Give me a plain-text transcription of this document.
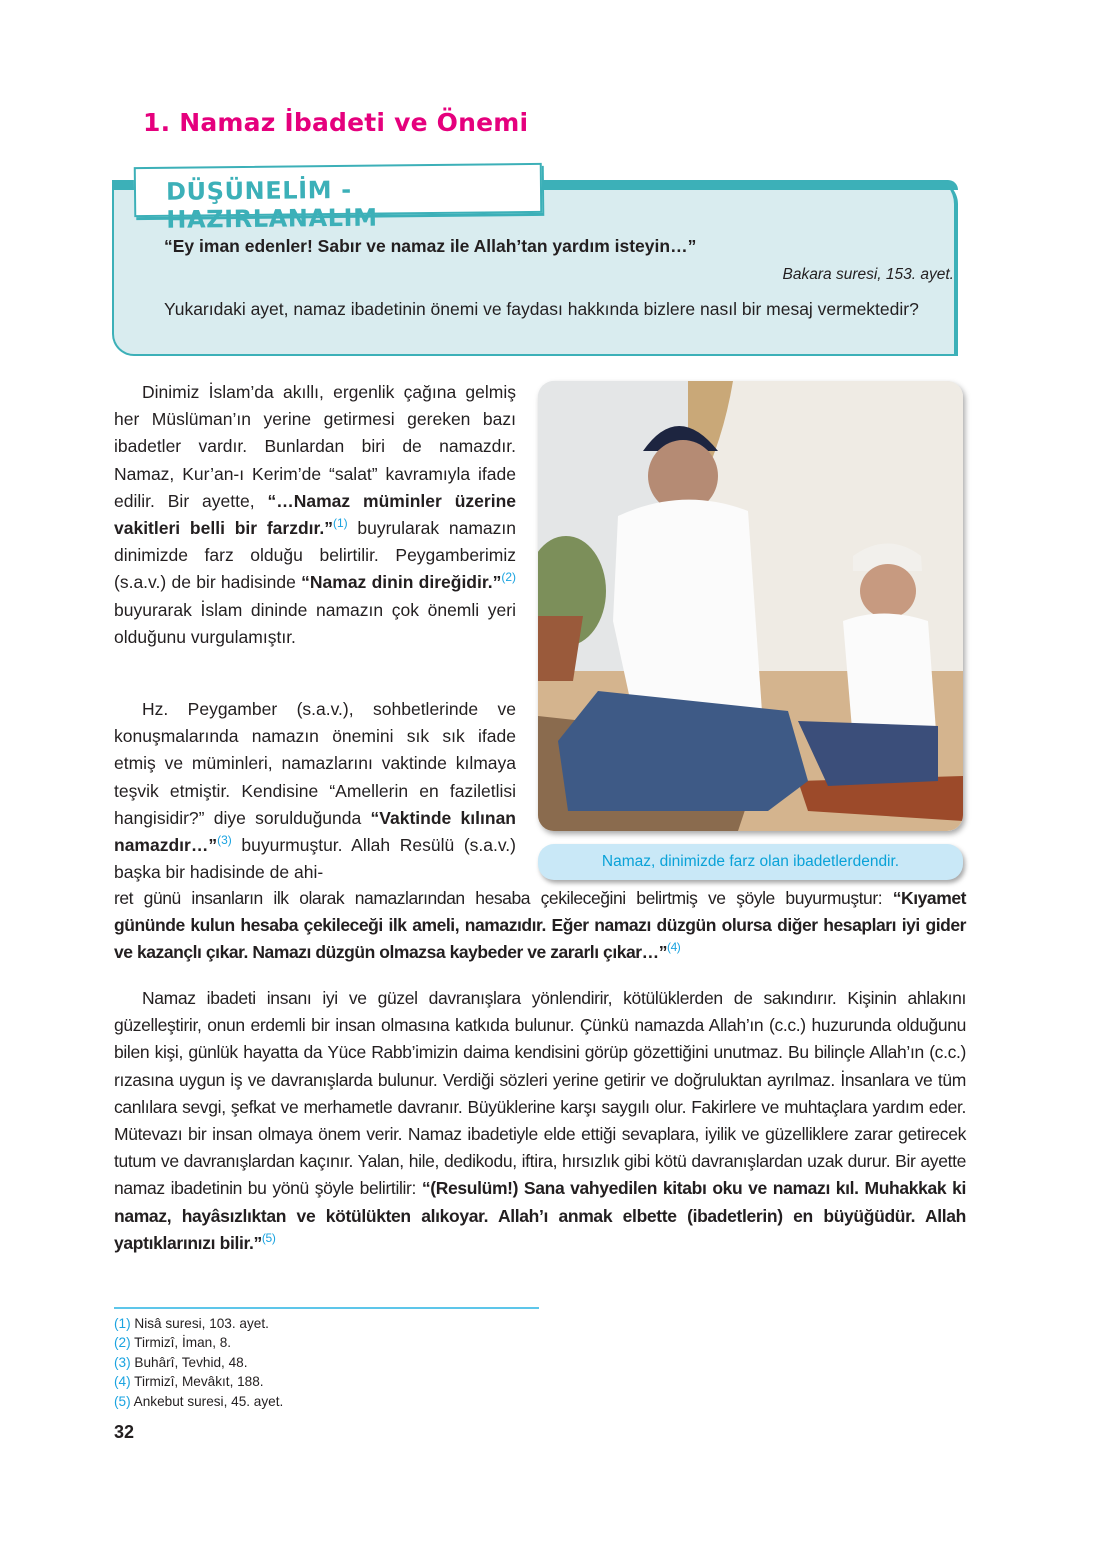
1. Namaz İbadeti ve Önemi
DÜŞÜNELİM - HAZIRLANALIM
“Ey iman edenler! Sabır ve namaz ile Allah’tan yardım isteyin…”
Bakara suresi, 153. ayet.
Yukarıdaki ayet, namaz ibadetinin önemi ve faydası hakkında bizlere nasıl bir mesaj vermektedir?
Dinimiz İslam’da akıllı, ergenlik çağına gelmiş her Müslüman’ın yerine getirmesi gereken bazı ibadetler vardır. Bunlardan biri de namazdır. Namaz, Kur’an-ı Kerim’de “salat” kavramıyla ifade edilir. Bir ayette, “…Namaz müminler üzerine vakitleri belli bir farzdır.”$^{(1)}$ buyrularak namazın dinimizde farz olduğu belirtilir. Peygamberimiz (s.a.v.) de bir hadisinde “Namaz dinin direğidir.”$^{(2)}$ buyurarak İslam dininde namazın çok önemli yeri olduğunu vurgulamıştır.
Hz. Peygamber (s.a.v.), sohbetlerinde ve konuşmalarında namazın önemini sık sık ifade etmiş ve müminleri, namazlarını vaktinde kılmaya teşvik etmiştir. Kendisine “Amellerin en faziletlisi hangisidir?” diye sorulduğunda “Vaktinde kılınan namazdır…”$^{(3)}$ buyurmuştur. Allah Resülü (s.a.v.) başka bir hadisinde de ahi-
ret günü insanların ilk olarak namazlarından hesaba çekileceğini belirtmiş ve şöyle buyurmuştur: “Kıyamet gününde kulun hesaba çekileceği ilk ameli, namazıdır. Eğer namazı düzgün olursa diğer hesapları iyi gider ve kazançlı çıkar. Namazı düzgün olmazsa kaybeder ve zararlı çıkar…”$^{(4)}$
Namaz ibadeti insanı iyi ve güzel davranışlara yönlendirir, kötülüklerden de sakındırır. Kişinin ahlakını güzelleştirir, onun erdemli bir insan olmasına katkıda bulunur. Çünkü namazda Allah’ın (c.c.) huzurunda olduğunu bilen kişi, günlük hayatta da Yüce Rabb’imizin daima kendisini görüp gözettiğini unutmaz. Bu bilinçle Allah’ın (c.c.) rızasına uygun iş ve davranışlarda bulunur. Verdiği sözleri yerine getirir ve doğruluktan ayrılmaz. İnsanlara ve tüm canlılara sevgi, şefkat ve merhametle davranır. Büyüklerine karşı saygılı olur. Fakirlere ve muhtaçlara yardım eder. Mütevazı bir insan olmaya önem verir. Namaz ibadetiyle elde ettiği sevaplara, iyilik ve güzelliklere zarar getirecek tutum ve davranışlardan kaçınır. Yalan, hile, dedikodu, iftira, hırsızlık gibi kötü davranışlardan uzak durur. Bir ayette namaz ibadetinin bu yönü şöyle belirtilir: “(Resulüm!) Sana vahyedilen kitabı oku ve namazı kıl. Muhakkak ki namaz, hayâsızlıktan ve kötülükten alıkoyar. Allah’ı anmak elbette (ibadetlerin) en büyüğüdür. Allah yaptıklarınızı bilir.”$^{(5)}$
Namaz, dinimizde farz olan ibadetlerdendir.
(1) Nisâ suresi, 103. ayet.
(2) Tirmizî, İman, 8.
(3) Buhârî, Tevhid, 48.
(4) Tirmizî, Mevâkıt, 188.
(5) Ankebut suresi, 45. ayet.
32
